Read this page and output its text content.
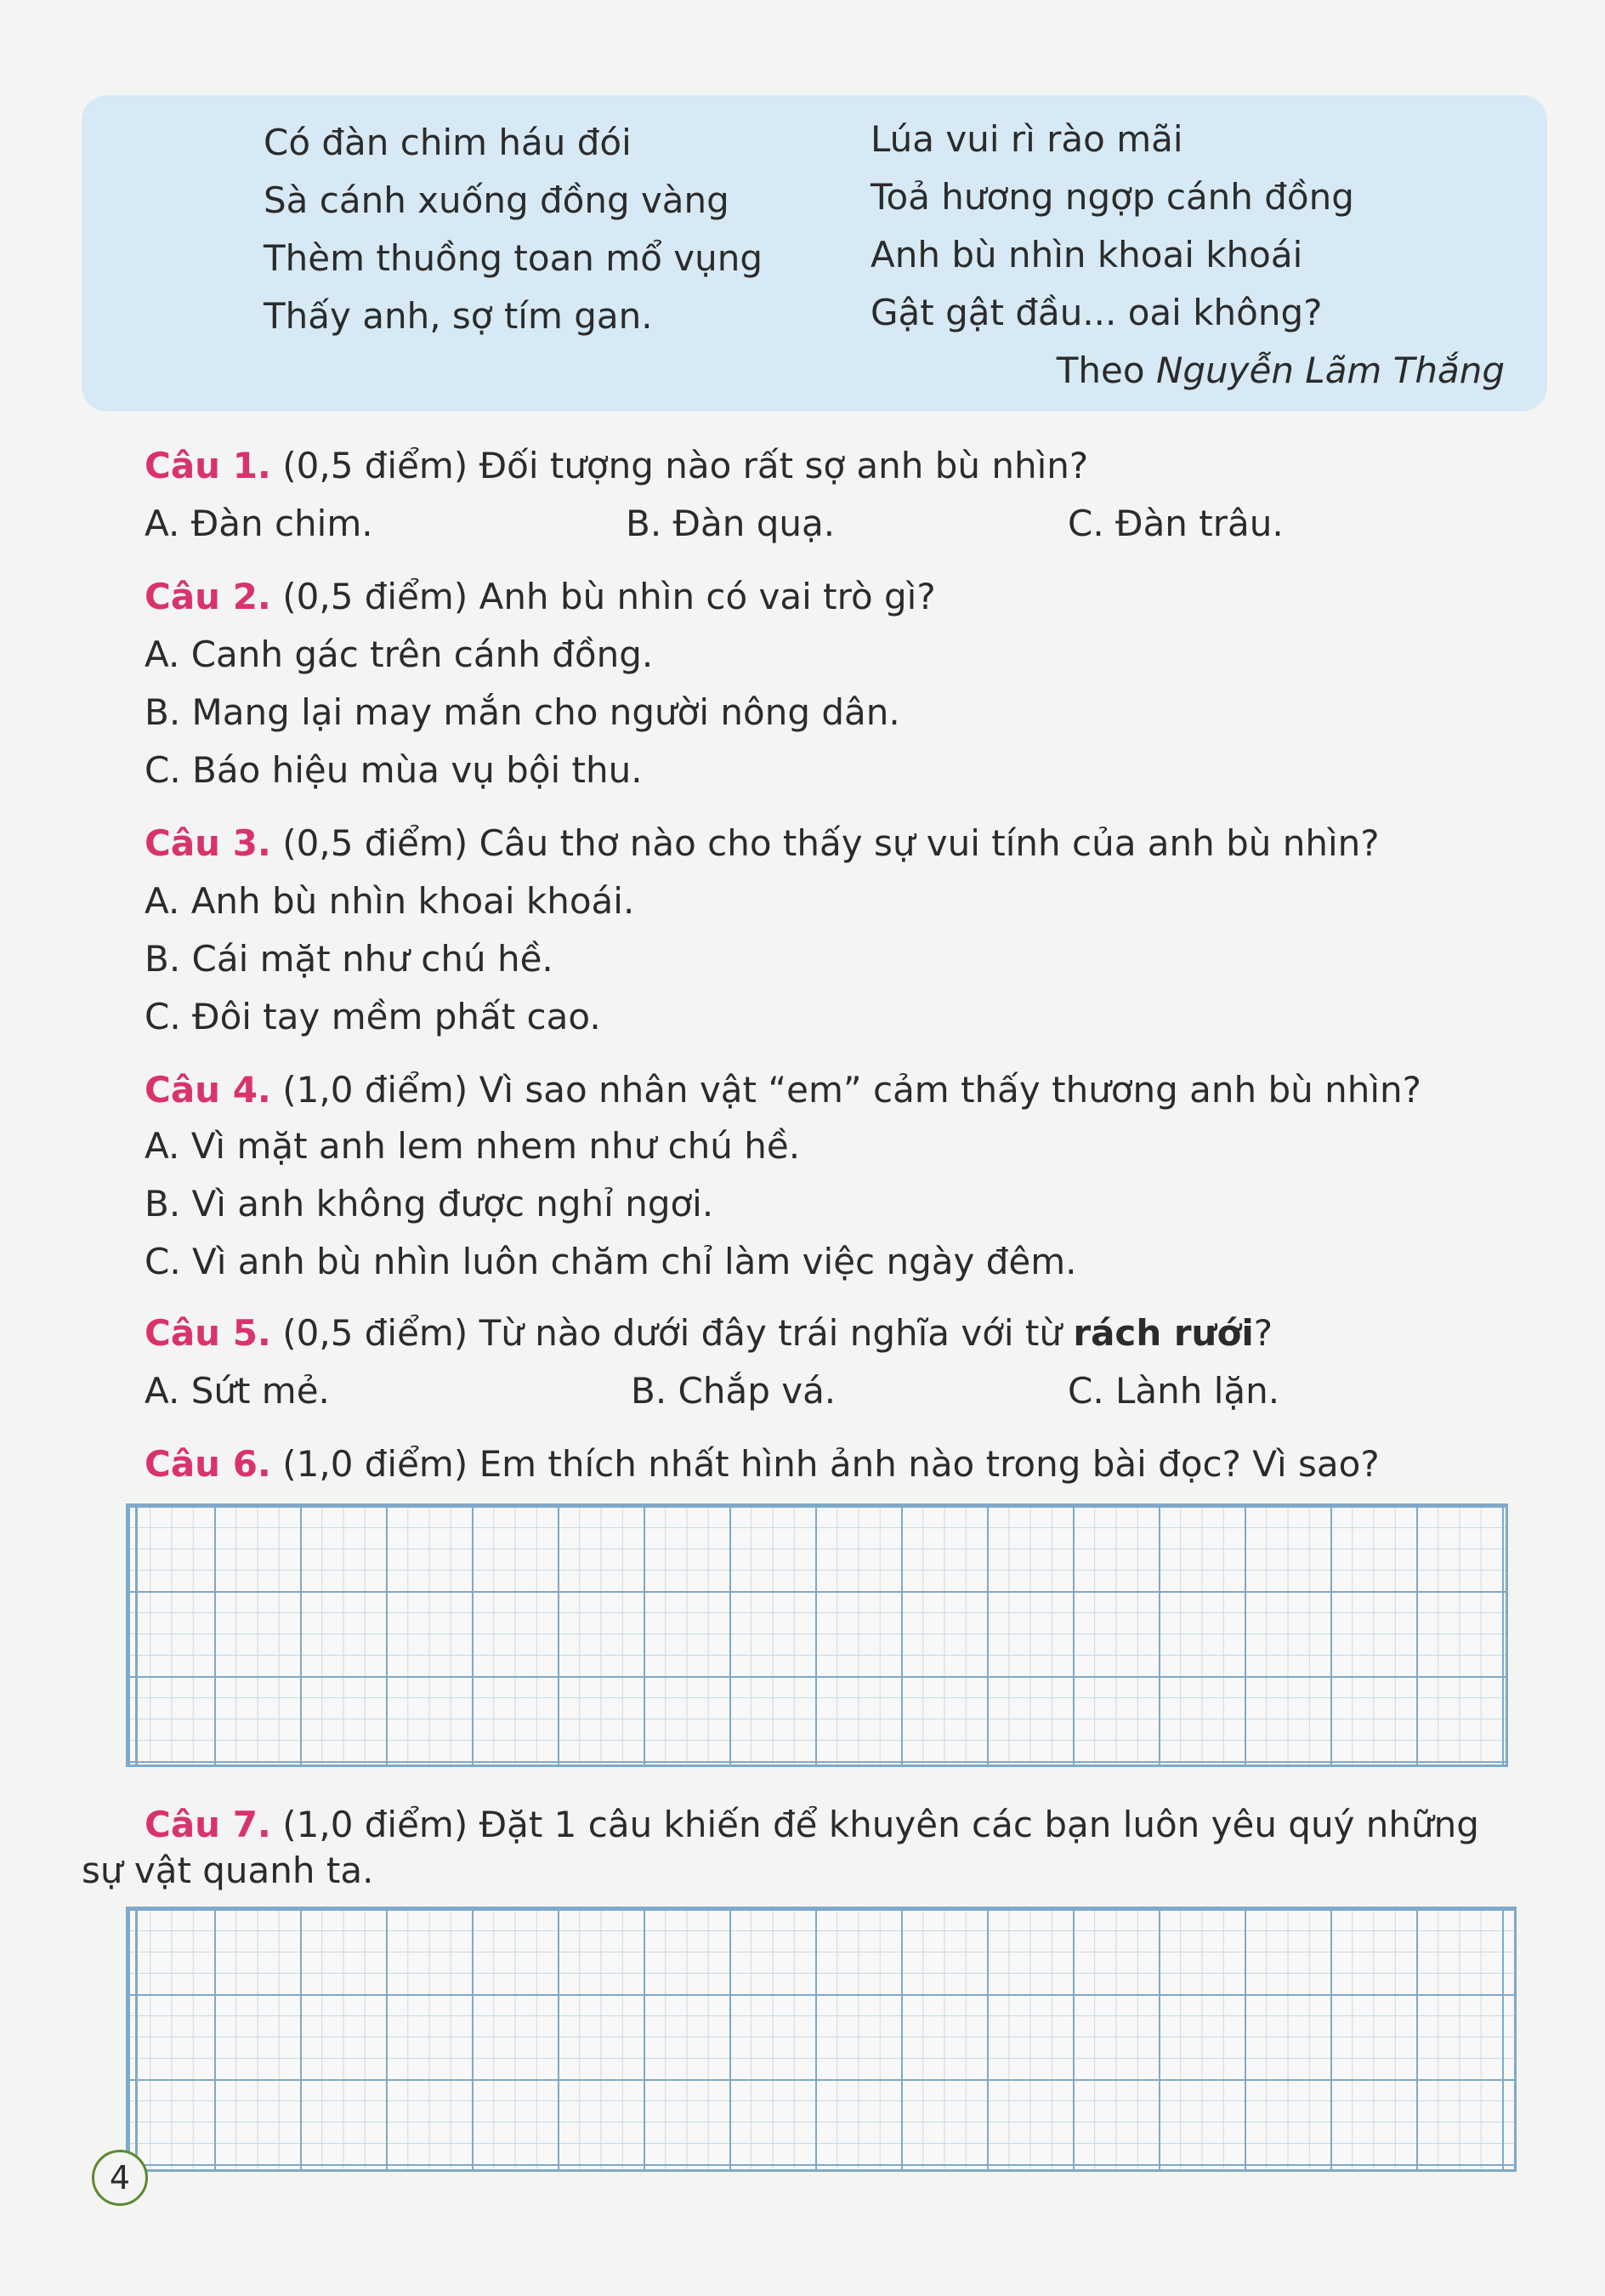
Có đàn chim háu đói
Sà cánh xuống đồng vàng
Thèm thuồng toan mổ vụng
Thấy anh, sợ tím gan.
Lúa vui rì rào mãi
Toả hương ngợp cánh đồng
Anh bù nhìn khoai khoái
Gật gật đầu... oai không?
Theo Nguyễn Lãm Thắng
Câu 1. (0,5 điểm) Đối tượng nào rất sợ anh bù nhìn?
A. Đàn chim.	B. Đàn quạ.	C. Đàn trâu.
Câu 2. (0,5 điểm) Anh bù nhìn có vai trò gì?
A. Canh gác trên cánh đồng.
B. Mang lại may mắn cho người nông dân.
C. Báo hiệu mùa vụ bội thu.
Câu 3. (0,5 điểm) Câu thơ nào cho thấy sự vui tính của anh bù nhìn?
A. Anh bù nhìn khoai khoái.
B. Cái mặt như chú hề.
C. Đôi tay mềm phất cao.
Câu 4. (1,0 điểm) Vì sao nhân vật “em” cảm thấy thương anh bù nhìn?
A. Vì mặt anh lem nhem như chú hề.
B. Vì anh không được nghỉ ngơi.
C. Vì anh bù nhìn luôn chăm chỉ làm việc ngày đêm.
Câu 5. (0,5 điểm) Từ nào dưới đây trái nghĩa với từ rách rưới?
A. Sứt mẻ.	B. Chắp vá.	C. Lành lặn.
Câu 6. (1,0 điểm) Em thích nhất hình ảnh nào trong bài đọc? Vì sao?
Câu 7. (1,0 điểm) Đặt 1 câu khiến để khuyên các bạn luôn yêu quý những
sự vật quanh ta.
4
